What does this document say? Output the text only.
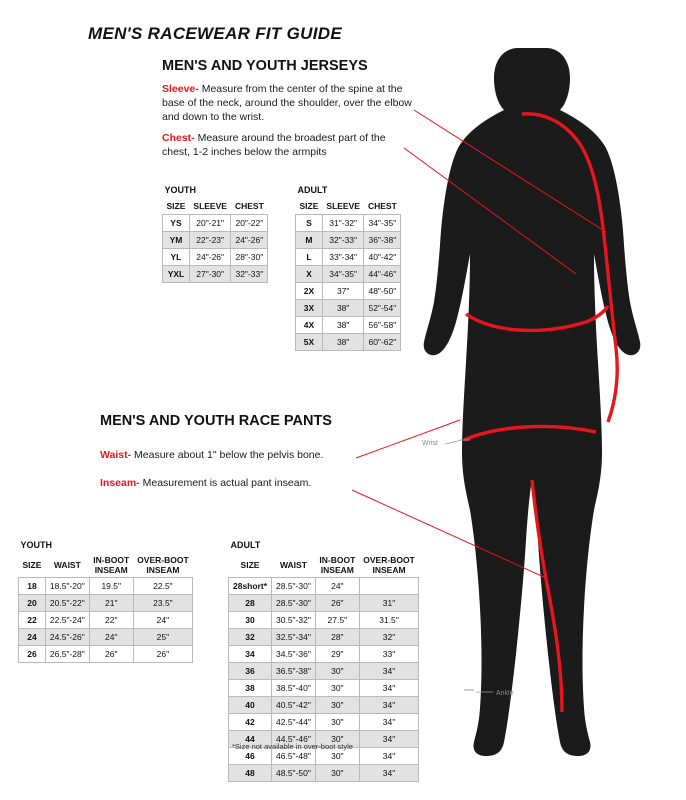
Wrist
Ankle
MEN'S RACEWEAR FIT GUIDE
MEN'S AND YOUTH JERSEYS
MEN'S AND YOUTH RACE PANTS
Sleeve- Measure from the center of the spine at the base of the neck, around the shoulder, over the elbow and down to the wrist.
Chest- Measure around the broadest part of the chest, 1-2 inches below the armpits
Waist- Measure about 1" below the pelvis bone.
Inseam- Measurement is actual pant inseam.
YOUTH		
SIZE	SLEEVE	CHEST
YS	20"-21"	20"-22"
YM	22"-23"	24"-26"
YL	24"-26"	28"-30"
YXL	27"-30"	32"-33"
ADULT		
SIZE	SLEEVE	CHEST
S	31"-32"	34"-35"
M	32"-33"	36"-38"
L	33"-34"	40"-42"
X	34"-35"	44"-46"
2X	37"	48"-50"
3X	38"	52"-54"
4X	38"	56"-58"
5X	38"	60"-62"
YOUTH			
SIZE	WAIST	IN-BOOT
INSEAM	OVER-BOOT
INSEAM
18	18.5"-20"	19.5"	22.5"
20	20.5"-22"	21"	23.5"
22	22.5"-24"	22"	24"
24	24.5"-26"	24"	25"
26	26.5"-28"	26"	26"
ADULT			
SIZE	WAIST	IN-BOOT
INSEAM	OVER-BOOT
INSEAM
28short*	28.5"-30"	24"	
28	28.5"-30"	26"	31"
30	30.5"-32"	27.5"	31.5"
32	32.5"-34"	28"	32"
34	34.5"-36"	29"	33"
36	36.5"-38"	30"	34"
38	38.5"-40"	30"	34"
40	40.5"-42"	30"	34"
42	42.5"-44"	30"	34"
44	44.5"-46"	30"	34"
46	46.5"-48"	30"	34"
48	48.5"-50"	30"	34"
*Size not available in over-boot style
